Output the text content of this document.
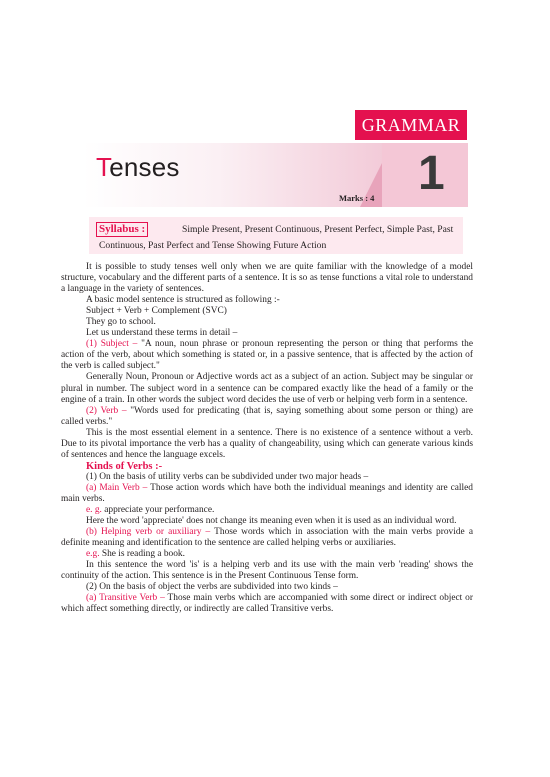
GRAMMAR
Tenses	1
Marks : 4
Simple Present, Present Continuous, Present Perfect, Simple Past, Past Continuous, Past Perfect and Tense Showing Future Action
Syllabus :

It is possible to study tenses well only when we are quite familiar with the knowledge of a model structure, vocabulary and the different parts of a sentence. It is so as tense functions a vital role to understand a language in the variety of sentences.

A basic model sentence is structured as following :-

Subject + Verb + Complement (SVC)

They go to school.

Let us understand these terms in detail –

(1) Subject – "A noun, noun phrase or pronoun representing the person or thing that performs the action of the verb, about which something is stated or, in a passive sentence, that is affected by the action of the verb is called subject."

Generally Noun, Pronoun or Adjective words act as a subject of an action. Subject may be singular or plural in number. The subject word in a sentence can be compared exactly like the head of a family or the engine of a train. In other words the subject word decides the use of verb or helping verb form in a sentence.

(2) Verb – "Words used for predicating (that is, saying something about some person or thing) are called verbs."

This is the most essential element in a sentence. There is no existence of a sentence without a verb. Due to its pivotal importance the verb has a quality of changeability, using which can generate various kinds of sentences and hence the language excels.

Kinds of Verbs :-

(1) On the basis of utility verbs can be subdivided under two major heads –

(a) Main Verb – Those action words which have both the individual meanings and identity are called main verbs.

e. g. appreciate your performance.

Here the word 'appreciate' does not change its meaning even when it is used as an individual word.

(b) Helping verb or auxiliary – Those words which in association with the main verbs provide a definite meaning and identification to the sentence are called helping verbs or auxiliaries.

e.g. She is reading a book.

In this sentence the word 'is' is a helping verb and its use with the main verb 'reading' shows the continuity of the action. This sentence is in the Present Continuous Tense form.

(2) On the basis of object the verbs are subdivided into two kinds –

(a) Transitive Verb – Those main verbs which are accompanied with some direct or indirect object or which affect something directly, or indirectly are called Transitive verbs.
